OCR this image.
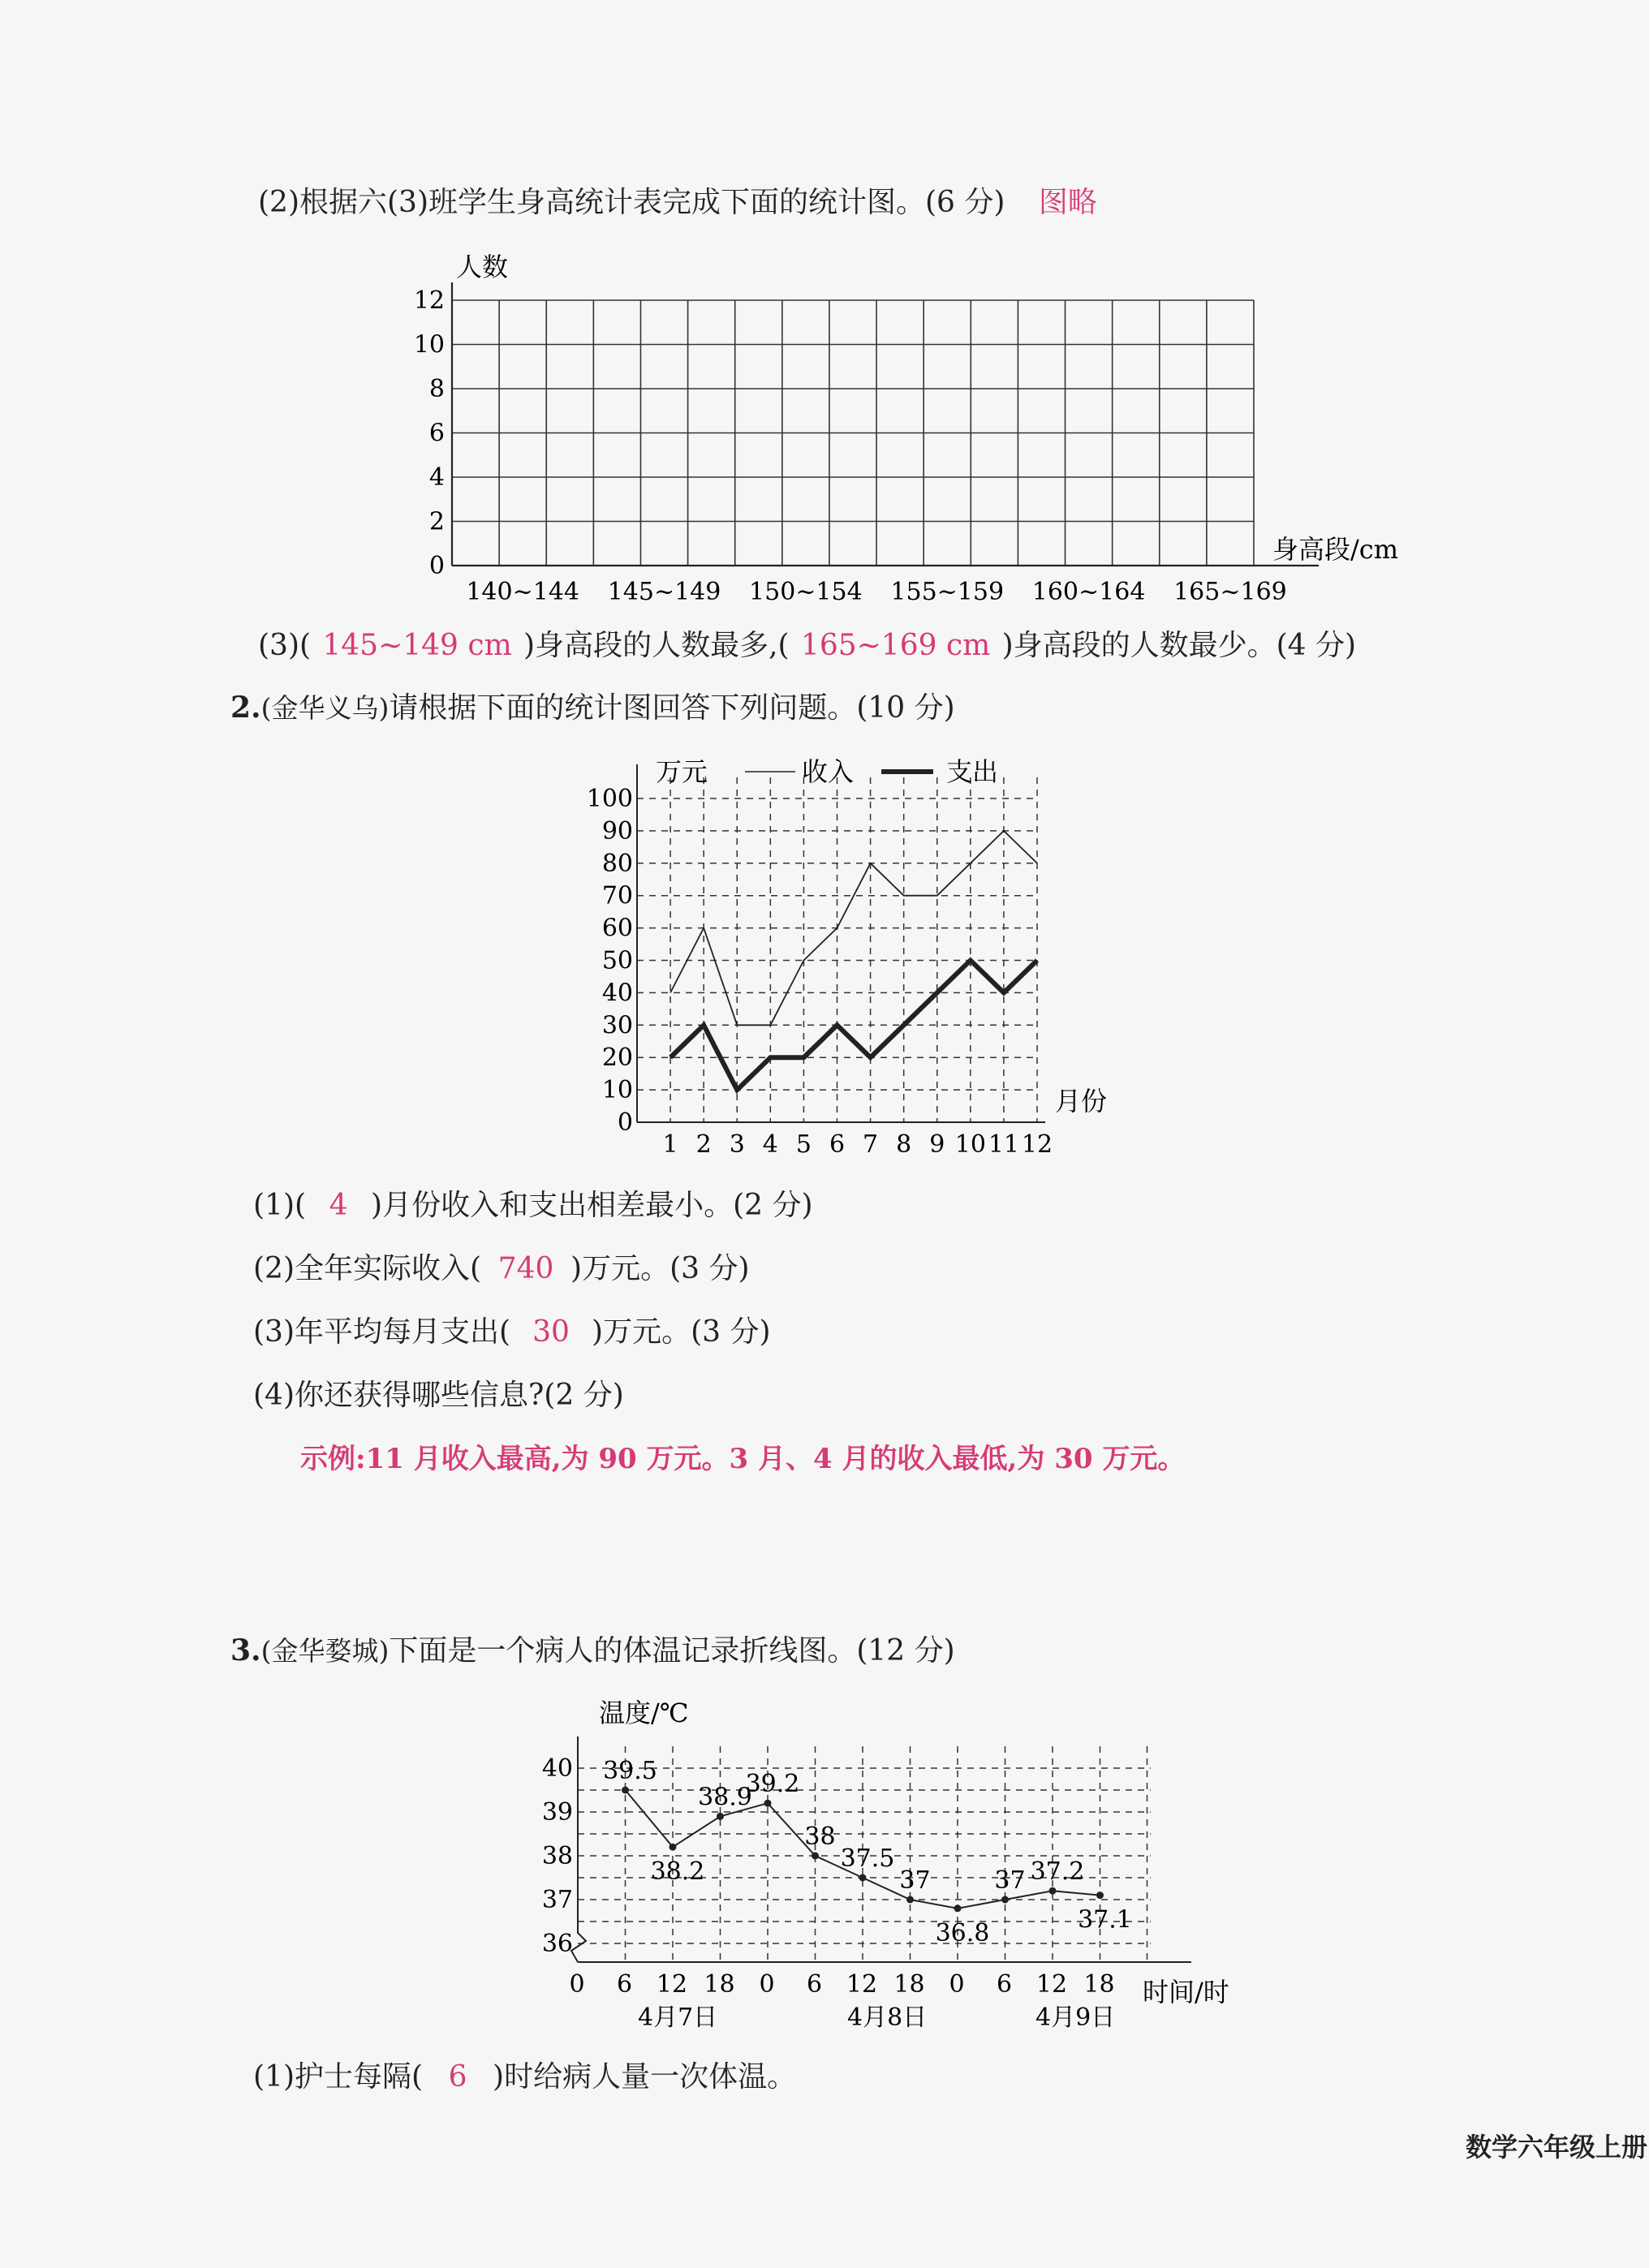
(2)根据六(3)班学生身高统计表完成下面的统计图。(6 分) 图略
人数
身高段/cm
0
2
4
6
8
10
12
140~144 145~149 150~154 155~159 160~164 165~169
(3)( 145~149 cm )身高段的人数最多,( 165~169 cm )身高段的人数最少。(4 分)
2.(金华义乌)请根据下面的统计图回答下列问题。(10 分)
0
10
20
30
40
50
60
70
80
90
100
1 2 3 4 5 6 7 8 9 10 11 12
万元	收入	支出
月份
(1)( 4 )月份收入和支出相差最小。(2 分)
(2)全年实际收入( 740 )万元。(3 分)
(3)年平均每月支出( 30 )万元。(3 分)
(4)你还获得哪些信息?(2 分)
示例:11 月收入最高,为 90 万元。3 月、4 月的收入最低,为 30 万元。
3.(金华婺城)下面是一个病人的体温记录折线图。(12 分)
36
37
38
39
40
0 6 12 18 0 6 12 18 0 6 12 18
39.5
38.2
38.9
39.2
38
37.5
37
36.8
37 37.2
37.1
温度/℃
时间/时
4月7日	4月8日	4月9日
(1)护士每隔( 6 )时给病人量一次体温。
数学六年级上册
